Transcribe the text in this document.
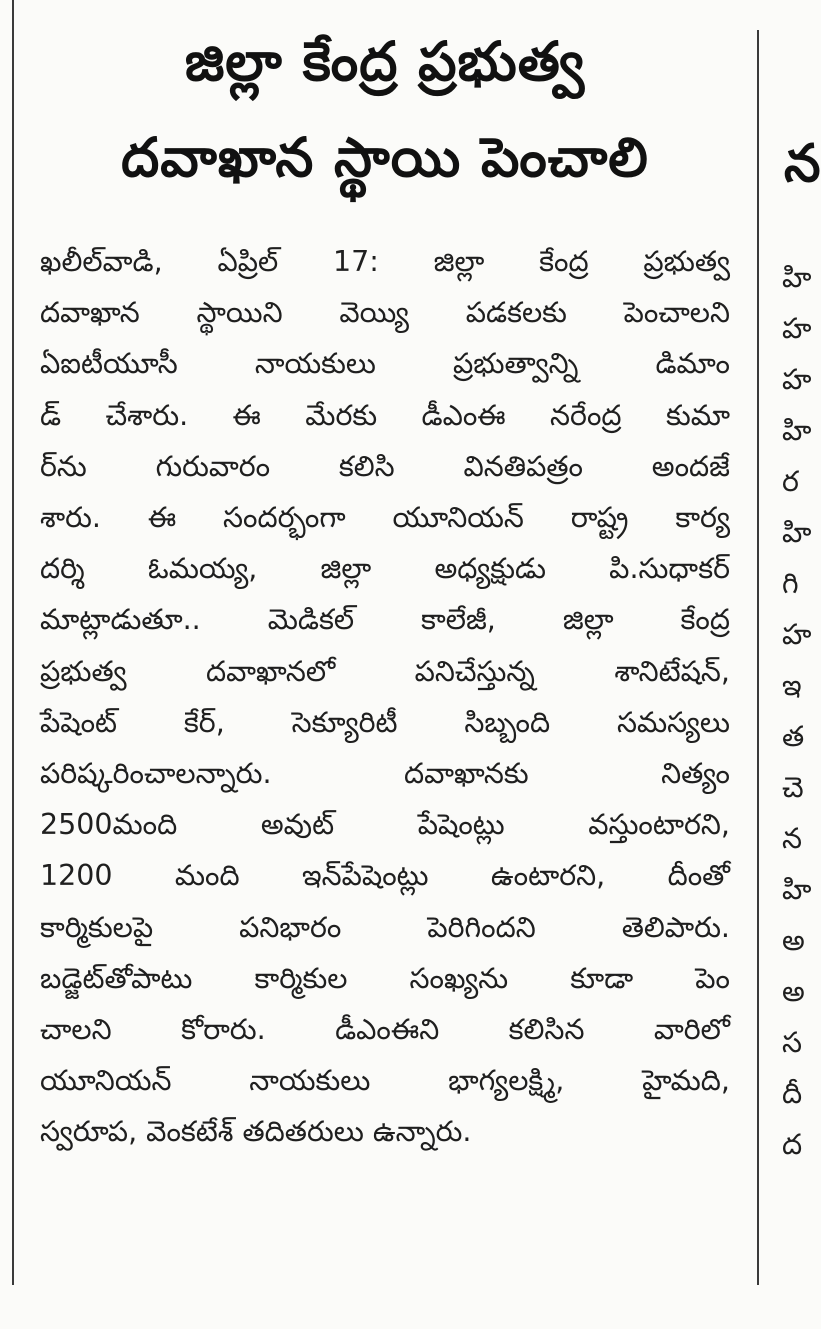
జిల్లా కేంద్ర ప్రభుత్వ
దవాఖాన స్థాయి పెంచాలి
ఖలీల్‌వాడి, ఏప్రిల్ 17: జిల్లా కేంద్ర ప్రభుత్వ
దవాఖాన స్థాయిని వెయ్యి పడకలకు పెంచాలని
ఏఐటీయూసీ నాయకులు ప్రభుత్వాన్ని డిమాం
డ్ చేశారు. ఈ మేరకు డీఎంఈ నరేంద్ర కుమా
ర్‌ను గురువారం కలిసి వినతిపత్రం అందజే
శారు. ఈ సందర్భంగా యూనియన్ రాష్ట్ర కార్య
దర్శి ఓమయ్య, జిల్లా అధ్యక్షుడు పి.సుధాకర్
మాట్లాడుతూ.. మెడికల్ కాలేజీ, జిల్లా కేంద్ర
ప్రభుత్వ దవాఖానలో పనిచేస్తున్న శానిటేషన్,
పేషెంట్ కేర్, సెక్యూరిటీ సిబ్బంది సమస్యలు
పరిష్కరించాలన్నారు. దవాఖానకు నిత్యం
2500మంది అవుట్ పేషెంట్లు వస్తుంటారని,
1200 మంది ఇన్‌పేషెంట్లు ఉంటారని, దీంతో
కార్మికులపై పనిభారం పెరిగిందని తెలిపారు.
బడ్జెట్‌తోపాటు కార్మికుల సంఖ్యను కూడా పెం
చాలని కోరారు. డీఎంఈని కలిసిన వారిలో
యూనియన్ నాయకులు భాగ్యలక్ష్మి, హైమది,
స్వరూప, వెంకటేశ్ తదితరులు ఉన్నారు.
న
హి
హ
హ
హి
ర
హి
గి
హ
ఇ
త
చె
న
హి
అ
అ
స
దీ
ద
